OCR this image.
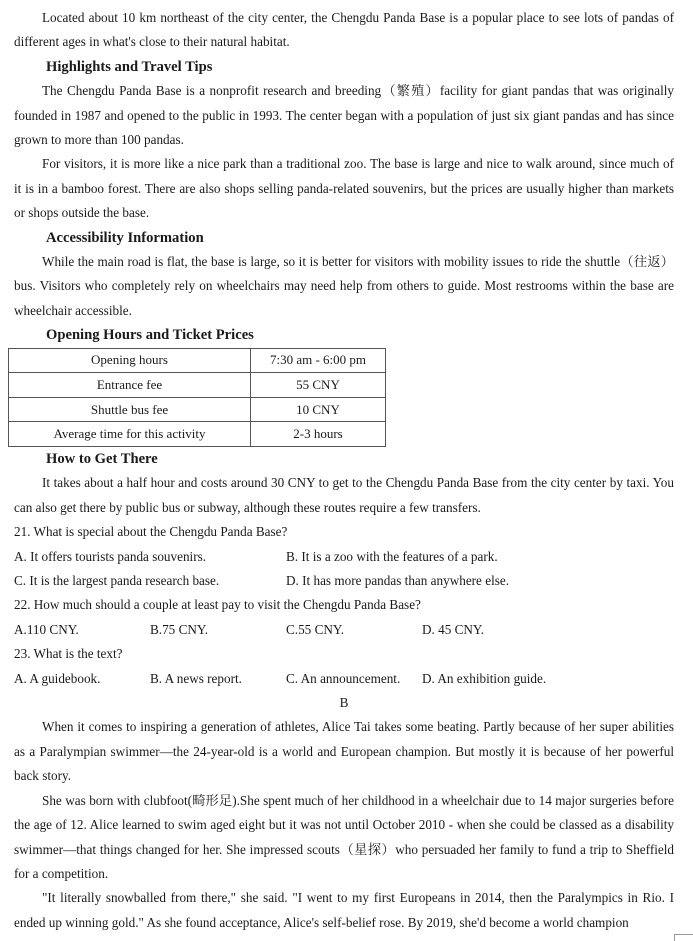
Located about 10 km northeast of the city center, the Chengdu Panda Base is a popular place to see lots of pandas of different ages in what's close to their natural habitat.

Highlights and Travel Tips

The Chengdu Panda Base is a nonprofit research and breeding（繁殖）facility for giant pandas that was originally founded in 1987 and opened to the public in 1993. The center began with a population of just six giant pandas and has since grown to more than 100 pandas.

For visitors, it is more like a nice park than a traditional zoo. The base is large and nice to walk around, since much of it is in a bamboo forest. There are also shops selling panda-related souvenirs, but the prices are usually higher than markets or shops outside the base.

Accessibility Information

While the main road is flat, the base is large, so it is better for visitors with mobility issues to ride the shuttle（往返）bus. Visitors who completely rely on wheelchairs may need help from others to guide. Most restrooms within the base are wheelchair accessible.

Opening Hours and Ticket Prices

Opening hours	7:30 am - 6:00 pm
Entrance fee	55 CNY
Shuttle bus fee	10 CNY
Average time for this activity	2-3 hours

How to Get There

It takes about a half hour and costs around 30 CNY to get to the Chengdu Panda Base from the city center by taxi. You can also get there by public bus or subway, although these routes require a few transfers.

21. What is special about the Chengdu Panda Base?

A. It offers tourists panda souvenirs.	B. It is a zoo with the features of a park.
C. It is the largest panda research base.	D. It has more pandas than anywhere else.

22. How much should a couple at least pay to visit the Chengdu Panda Base?

A.110 CNY.	B.75 CNY.	C.55 CNY.	D. 45 CNY.

23. What is the text?

A. A guidebook.	B. A news report.	C. An announcement. D. An exhibition guide.

B

When it comes to inspiring a generation of athletes, Alice Tai takes some beating. Partly because of her super abilities as a Paralympian swimmer—the 24-year-old is a world and European champion. But mostly it is because of her powerful back story.

She was born with clubfoot(畸形足).She spent much of her childhood in a wheelchair due to 14 major surgeries before the age of 12. Alice learned to swim aged eight but it was not until October 2010 - when she could be classed as a disability swimmer—that things changed for her. She impressed scouts（星探）who persuaded her family to fund a trip to Sheffield for a competition.

"It literally snowballed from there," she said. "I went to my first Europeans in 2014, then the Paralympics in Rio. I ended up winning gold." As she found acceptance, Alice's self-belief rose. By 2019, she'd become a world champion
